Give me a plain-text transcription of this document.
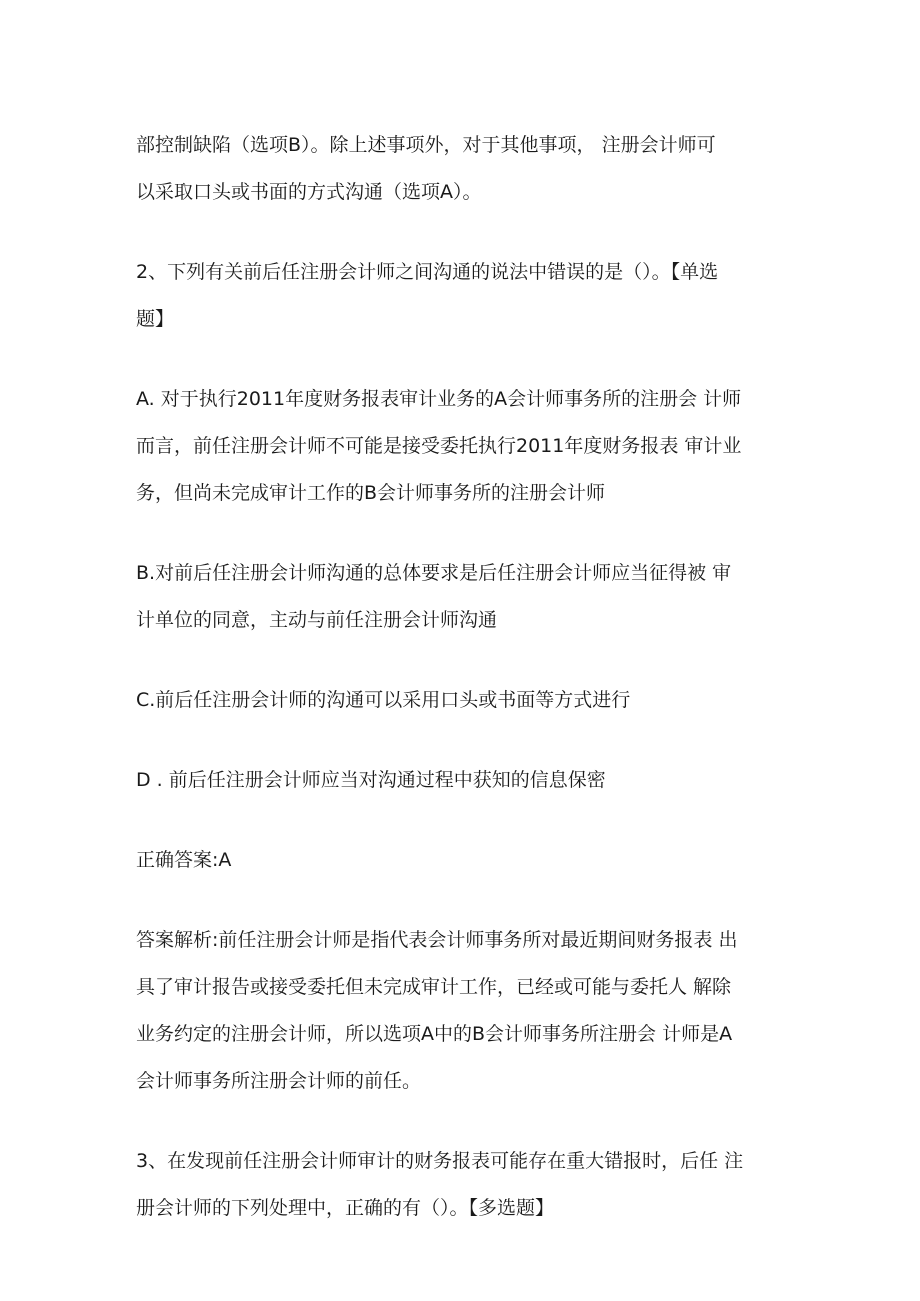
部控制缺陷（选项B）。除上述事项外，对于其他事项， 注册会计师可
以采取口头或书面的方式沟通（选项A）。

2、下列有关前后任注册会计师之间沟通的说法中错误的是（）。【单选
题】

A. 对于执行2011年度财务报表审计业务的A会计师事务所的注册会 计师
而言，前任注册会计师不可能是接受委托执行2011年度财务报表 审计业
务，但尚未完成审计工作的B会计师事务所的注册会计师

B.对前后任注册会计师沟通的总体要求是后任注册会计师应当征得被 审
计单位的同意，主动与前任注册会计师沟通

C.前后任注册会计师的沟通可以采用口头或书面等方式进行

D . 前后任注册会计师应当对沟通过程中获知的信息保密

正确答案:A

答案解析:前任注册会计师是指代表会计师事务所对最近期间财务报表 出
具了审计报告或接受委托但未完成审计工作，已经或可能与委托人 解除
业务约定的注册会计师，所以选项A中的B会计师事务所注册会 计师是A
会计师事务所注册会计师的前任。

3、在发现前任注册会计师审计的财务报表可能存在重大错报时，后任 注
册会计师的下列处理中，正确的有（）。【多选题】
